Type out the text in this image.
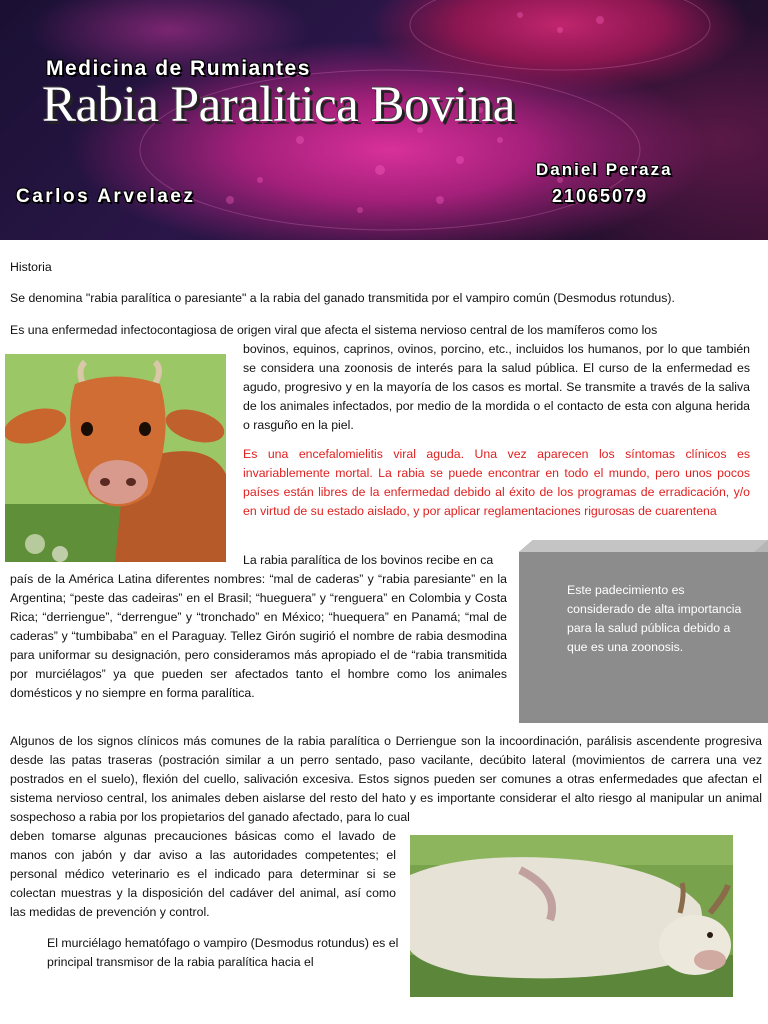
Medicina de Rumiantes
Rabia Paralitica Bovina
Carlos Arvelaez
Daniel Peraza
21065079
Historia

Se denomina "rabia paralítica o paresiante" a la rabia del ganado transmitida por el vampiro común (Desmodus rotundus).

Es una enfermedad infectocontagiosa de origen viral que afecta el sistema nervioso central de los mamíferos como los

bovinos, equinos, caprinos, ovinos, porcino, etc., incluidos los humanos, por lo que también se considera una zoonosis de interés para la salud pública. El curso de la enfermedad es agudo, progresivo y en la mayoría de los casos es mortal. Se transmite a través de la saliva de los animales infectados, por medio de la mordida o el contacto de esta con alguna herida o rasguño en la piel.

Es una encefalomielitis viral aguda. Una vez aparecen los síntomas clínicos es invariablemente mortal. La rabia se puede encontrar en todo el mundo, pero unos pocos países están libres de la enfermedad debido al éxito de los programas de erradicación, y/o en virtud de su estado aislado, y por aplicar reglamentaciones rigurosas de cuarentena

La rabia paralítica de los bovinos recibe en ca

país de la América Latina diferentes nombres: “mal de caderas” y “rabia paresiante” en la Argentina; “peste das cadeiras” en el Brasil; “hueguera” y “renguera” en Colombia y Costa Rica; “derriengue”, “derrengue” y “tronchado” en México; “huequera” en Panamá; “mal de caderas” y “tumbibaba” en el Paraguay. Tellez Girón sugirió el nombre de rabia desmodina para uniformar su designación, pero consideramos más apropiado el de “rabia transmitida por murciélagos” ya que pueden ser afectados tanto el hombre como los animales domésticos y no siempre en forma paralítica.

Este padecimiento es considerado de alta importancia para la salud pública debido a que es una zoonosis.

Algunos de los signos clínicos más comunes de la rabia paralítica o Derriengue son la incoordinación, parálisis ascendente progresiva desde las patas traseras (postración similar a un perro sentado, paso vacilante, decúbito lateral (movimientos de carrera una vez postrados en el suelo), flexión del cuello, salivación excesiva. Estos signos pueden ser comunes a otras enfermedades que afectan el sistema nervioso central, los animales deben aislarse del resto del hato y es importante considerar el alto riesgo al manipular un animal sospechoso a rabia por los propietarios del ganado afectado, para lo cual

deben tomarse algunas precauciones básicas como el lavado de manos con jabón y dar aviso a las autoridades competentes; el personal médico veterinario es el indicado para determinar si se colectan muestras y la disposición del cadáver del animal, así como las medidas de prevención y control.

El murciélago hematófago o vampiro (Desmodus rotundus) es el principal transmisor de la rabia paralítica hacia el
